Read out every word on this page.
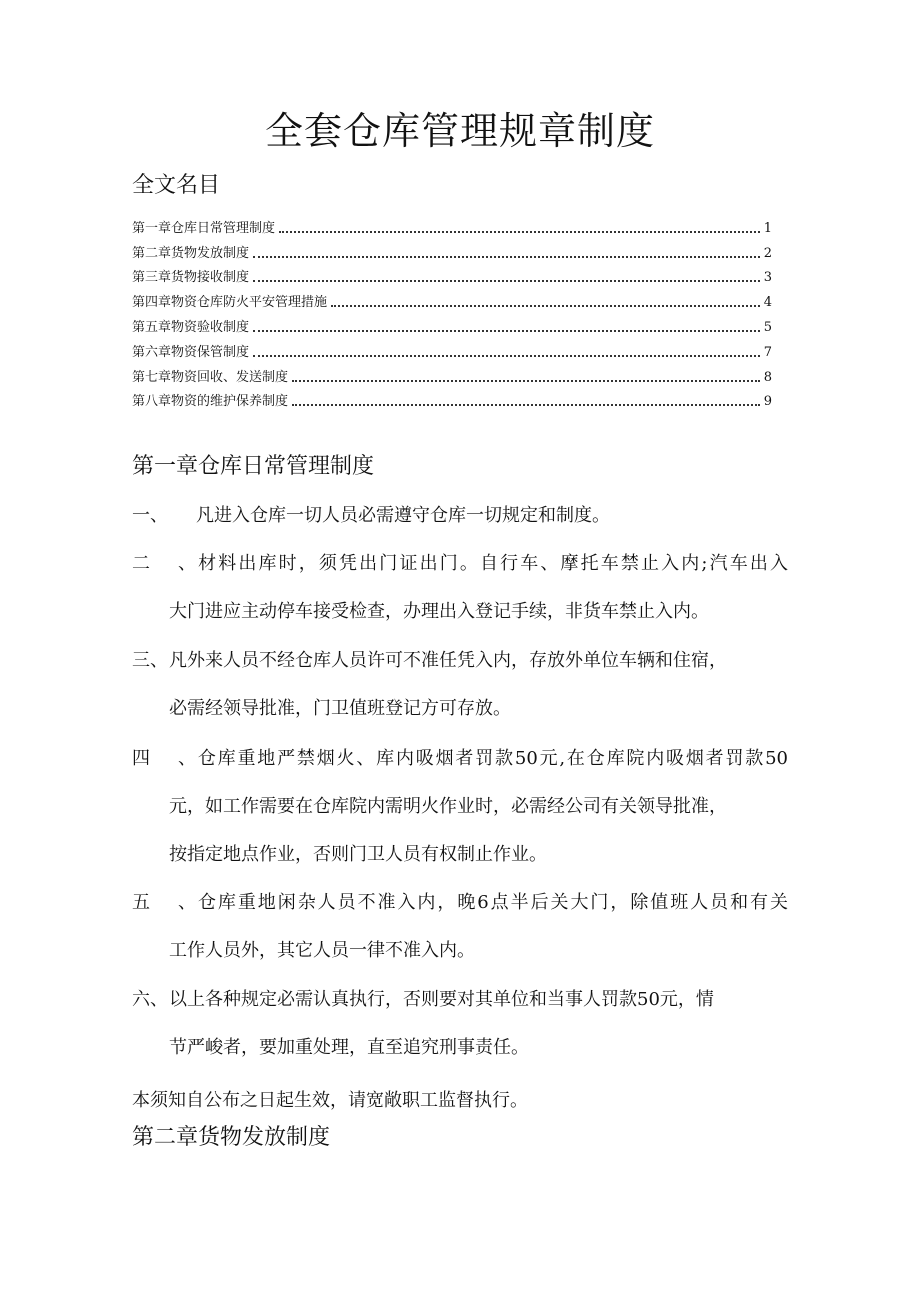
全套仓库管理规章制度
全文名目
第一章仓库日常管理制度	1
第二章货物发放制度	2
第三章货物接收制度	3
第四章物资仓库防火平安管理措施	4
第五章物资验收制度	5
第六章物资保管制度	7
第七章物资回收、发送制度	8
第八章物资的维护保养制度	9
第一章仓库日常管理制度
一、 凡进入仓库一切人员必需遵守仓库一切规定和制度。
二、材料出库时，须凭出门证出门。自行车、摩托车禁止入内;汽车出入
大门进应主动停车接受检查，办理出入登记手续，非货车禁止入内。
三、凡外来人员不经仓库人员许可不准任凭入内，存放外单位车辆和住宿，
必需经领导批准，门卫值班登记方可存放。
四、仓库重地严禁烟火、库内吸烟者罚款50元,在仓库院内吸烟者罚款50
元，如工作需要在仓库院内需明火作业时，必需经公司有关领导批准，
按指定地点作业，否则门卫人员有权制止作业。
五、仓库重地闲杂人员不准入内，晚6点半后关大门，除值班人员和有关
工作人员外，其它人员一律不准入内。
六、以上各种规定必需认真执行，否则要对其单位和当事人罚款50元，情
节严峻者，要加重处理，直至追究刑事责任。
本须知自公布之日起生效，请宽敞职工监督执行。
第二章货物发放制度
